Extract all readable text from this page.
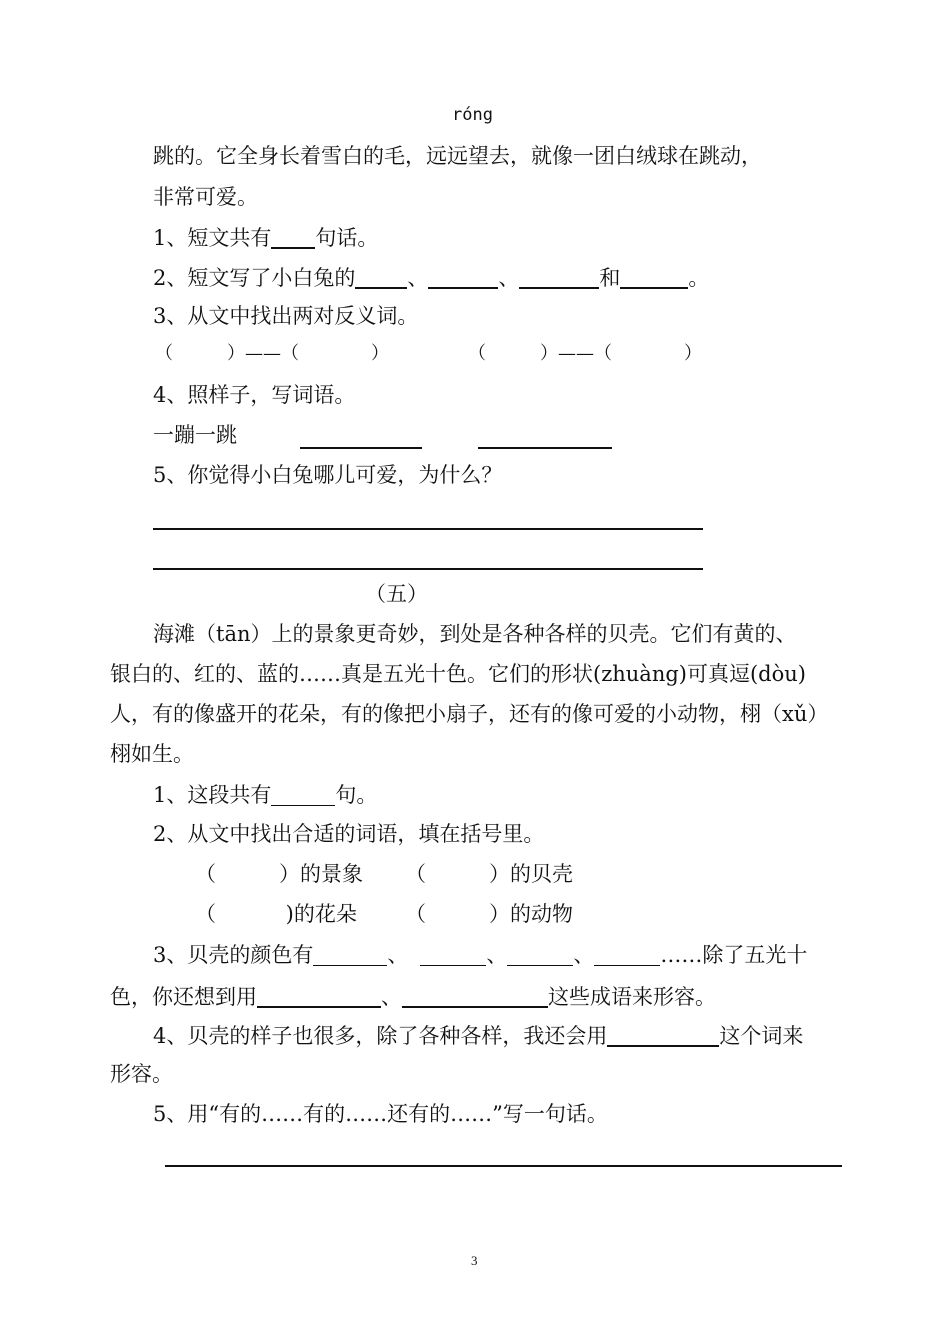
róng
跳的。它全身长着雪白的毛，远远望去，就像一团白绒球在跳动，
非常可爱。
1、短文共有 句话。
2、短文写了小白兔的 、	、	和	。
3、从文中找出两对反义词。
（　　　）——（　　　　）	（　　　）——（　　　　）
4、照样子，写词语。
一蹦一跳
5、你觉得小白兔哪儿可爱，为什么？
（五）
海滩（tān）上的景象更奇妙，到处是各种各样的贝壳。它们有黄的、
银白的、红的、蓝的……真是五光十色。它们的形状(zhuàng)可真逗(dòu)
人，有的像盛开的花朵，有的像把小扇子，还有的像可爱的小动物，栩（xǔ）
栩如生。
1、这段共有	句。
2、从文中找出合适的词语，填在括号里。
（　　　）的景象 （　　　）的贝壳
（　　　 )的花朵 （　　　）的动物
3、贝壳的颜色有	、	、	、	……除了五光十
色，你还想到用	、	这些成语来形容。
4、贝壳的样子也很多，除了各种各样，我还会用	这个词来
形容。
5、用“有的……有的……还有的……”写一句话。
3
